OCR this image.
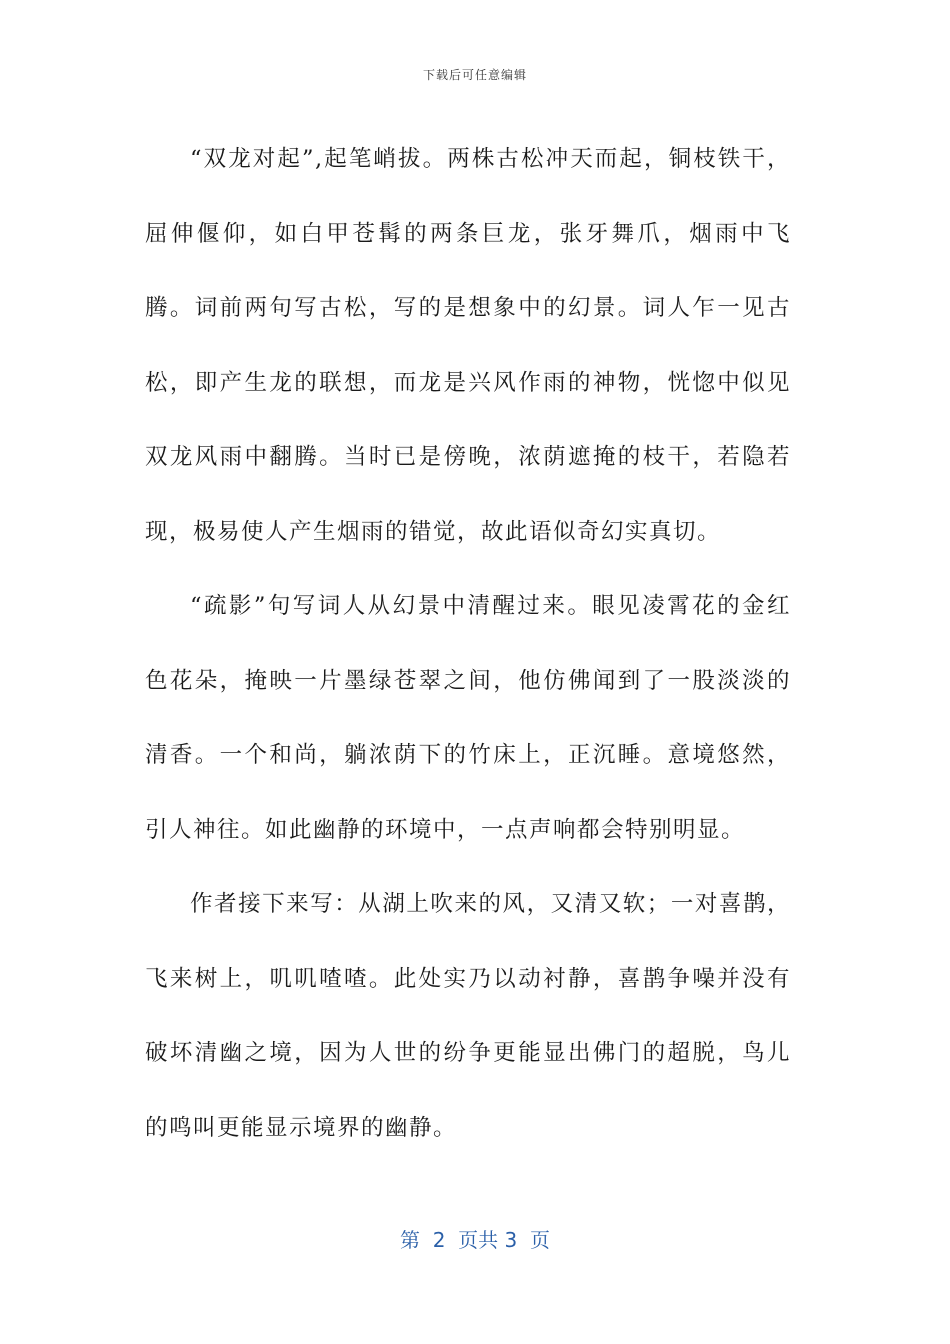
下载后可任意编辑

“双龙对起”,起笔峭拔。两株古松冲天而起，铜枝铁干，屈伸偃仰，如白甲苍髯的两条巨龙，张牙舞爪，烟雨中飞腾。词前两句写古松，写的是想象中的幻景。词人乍一见古松，即产生龙的联想，而龙是兴风作雨的神物，恍惚中似见双龙风雨中翻腾。当时已是傍晚，浓荫遮掩的枝干，若隐若现，极易使人产生烟雨的错觉，故此语似奇幻实真切。

“疏影”句写词人从幻景中清醒过来。眼见凌霄花的金红色花朵，掩映一片墨绿苍翠之间，他仿佛闻到了一股淡淡的清香。一个和尚，躺浓荫下的竹床上，正沉睡。意境悠然，引人神往。如此幽静的环境中，一点声响都会特别明显。

作者接下来写：从湖上吹来的风，又清又软；一对喜鹊，飞来树上，叽叽喳喳。此处实乃以动衬静，喜鹊争噪并没有破坏清幽之境，因为人世的纷争更能显出佛门的超脱，鸟儿的鸣叫更能显示境界的幽静。

第  2  页共 3  页
